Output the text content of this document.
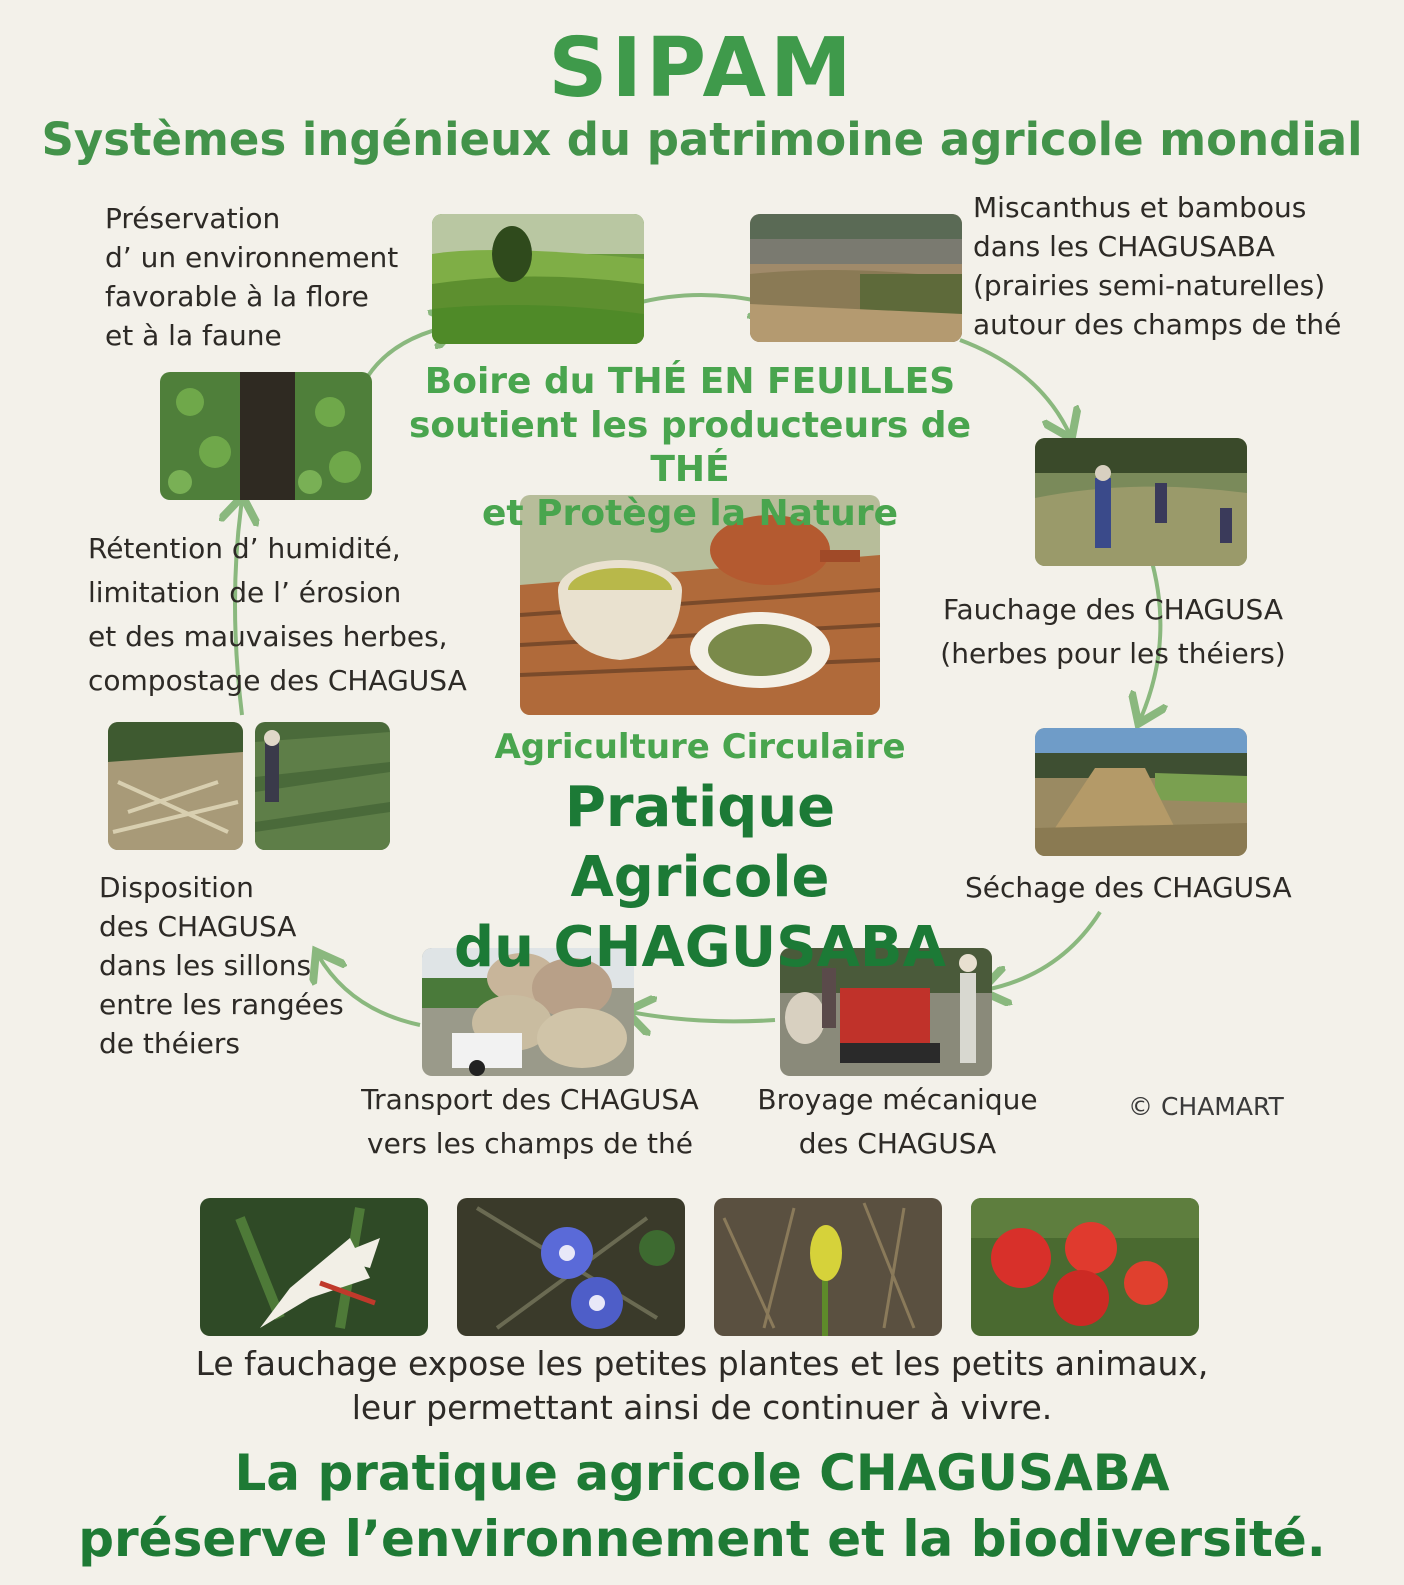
SIPAM
Systèmes ingénieux du patrimoine agricole mondial
Préservation
d’ un environnement
favorable à la flore
et à la faune
Miscanthus et bambous
dans les CHAGUSABA
(prairies semi-naturelles)
autour des champs de thé
Fauchage des CHAGUSA
(herbes pour les théiers)
Séchage des CHAGUSA
Broyage mécanique
des CHAGUSA
Transport des CHAGUSA
vers les champs de thé
Disposition
des CHAGUSA
dans les sillons
entre les rangées
de théiers
Rétention d’ humidité,
limitation de l’ érosion
et des mauvaises herbes,
compostage des CHAGUSA
Boire du THÉ EN FEUILLES
soutient les producteurs de THÉ
et Protège la Nature
Agriculture Circulaire
Pratique Agricole
du CHAGUSABA
© CHAMART
Le fauchage expose les petites plantes et les petits animaux,
leur permettant ainsi de continuer à vivre.
La pratique agricole CHAGUSABA
préserve l’environnement et la biodiversité.
